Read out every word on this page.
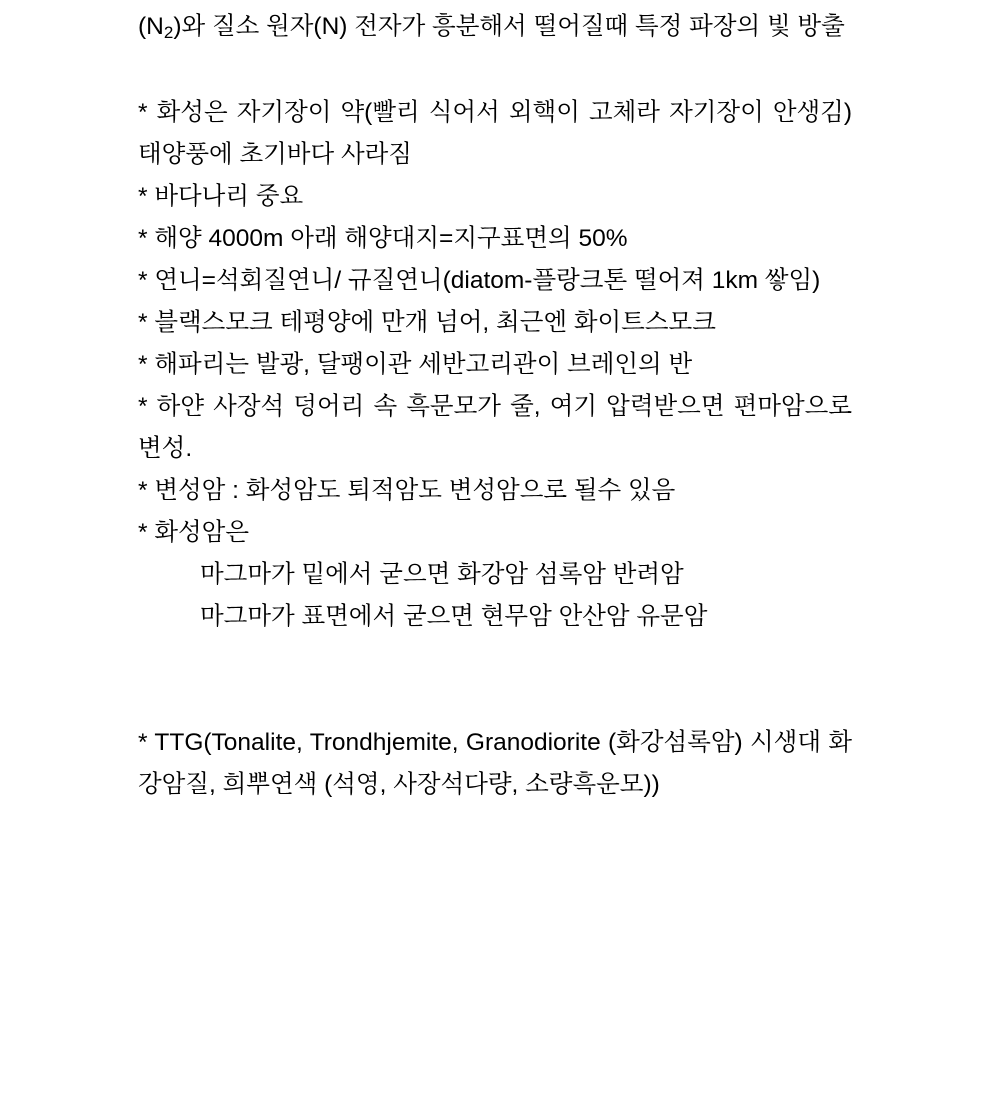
(N2)와 질소 원자(N) 전자가 흥분해서 떨어질때 특정 파장의 빛 방출

* 화성은 자기장이 약(빨리 식어서 외핵이 고체라 자기장이 안생김) 태양풍에 초기바다 사라짐

* 바다나리 중요

* 해양 4000m 아래 해양대지=지구표면의 50%

* 연니=석회질연니/ 규질연니(diatom-플랑크톤 떨어져 1km 쌓임)

* 블랙스모크 테평양에 만개 넘어, 최근엔 화이트스모크

* 해파리는 발광, 달팽이관 세반고리관이 브레인의 반

* 하얀 사장석 덩어리 속 흑문모가 줄, 여기 압력받으면 편마암으로 변성.

* 변성암 : 화성암도 퇴적암도 변성암으로 될수 있음

* 화성암은

마그마가 밑에서 굳으면 화강암 섬록암 반려암

마그마가 표면에서 굳으면 현무암 안산암 유문암

* TTG(Tonalite, Trondhjemite, Granodiorite (화강섬록암) 시생대 화강암질, 희뿌연색 (석영, 사장석다량, 소량흑운모))
